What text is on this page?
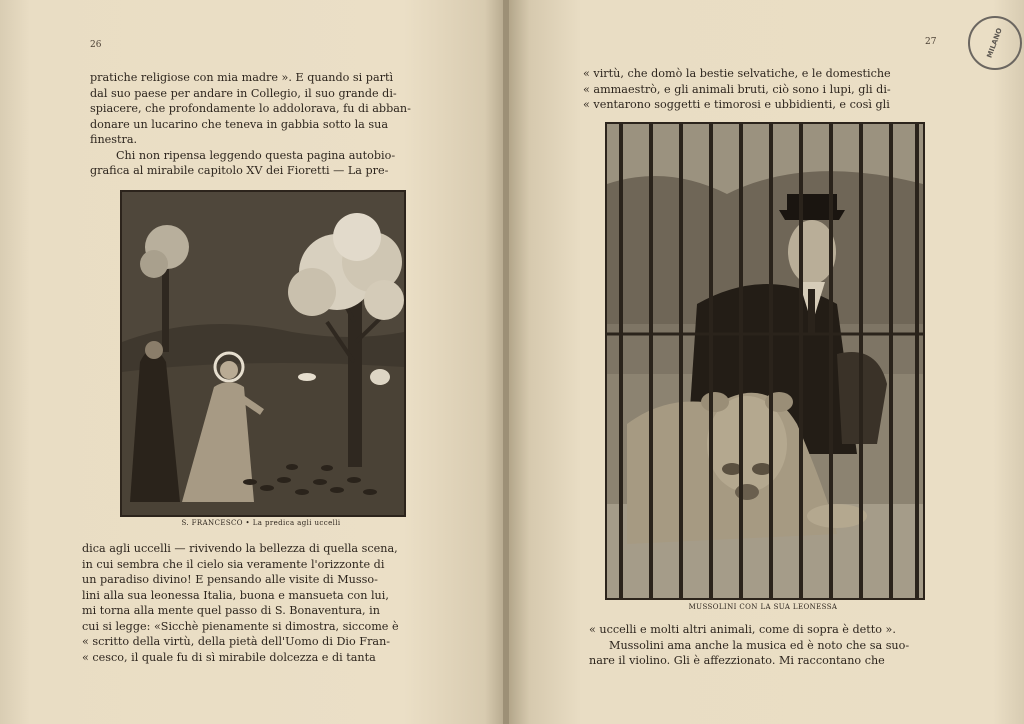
26
pratiche religiose con mia madre ». E quando si partì
dal suo paese per andare in Collegio, il suo grande di-
spiacere, che profondamente lo addolorava, fu di abban-
donare un lucarino che teneva in gabbia sotto la sua
finestra.
Chi non ripensa leggendo questa pagina autobio-
grafica al mirabile capitolo XV dei Fioretti — La pre-
S. FRANCESCO • La predica agli uccelli
dica agli uccelli — rivivendo la bellezza di quella scena,
in cui sembra che il cielo sia veramente l'orizzonte di
un paradiso divino! E pensando alle visite di Musso-
lini alla sua leonessa Italia, buona e mansueta con lui,
mi torna alla mente quel passo di S. Bonaventura, in
cui si legge: «Sicchè pienamente si dimostra, siccome è
« scritto della virtù, della pietà dell'Uomo di Dio Fran-
« cesco, il quale fu di sì mirabile dolcezza e di tanta
27
« virtù, che domò la bestie selvatiche, e le domestiche
« ammaestrò, e gli animali bruti, ciò sono i lupi, gli di-
« ventarono soggetti e timorosi e ubbidienti, e così gli
MUSSOLINI CON LA SUA LEONESSA
« uccelli e molti altri animali, come di sopra è detto ».
Mussolini ama anche la musica ed è noto che sa suo-
nare il violino. Gli è affezzionato. Mi raccontano che
MILANO
